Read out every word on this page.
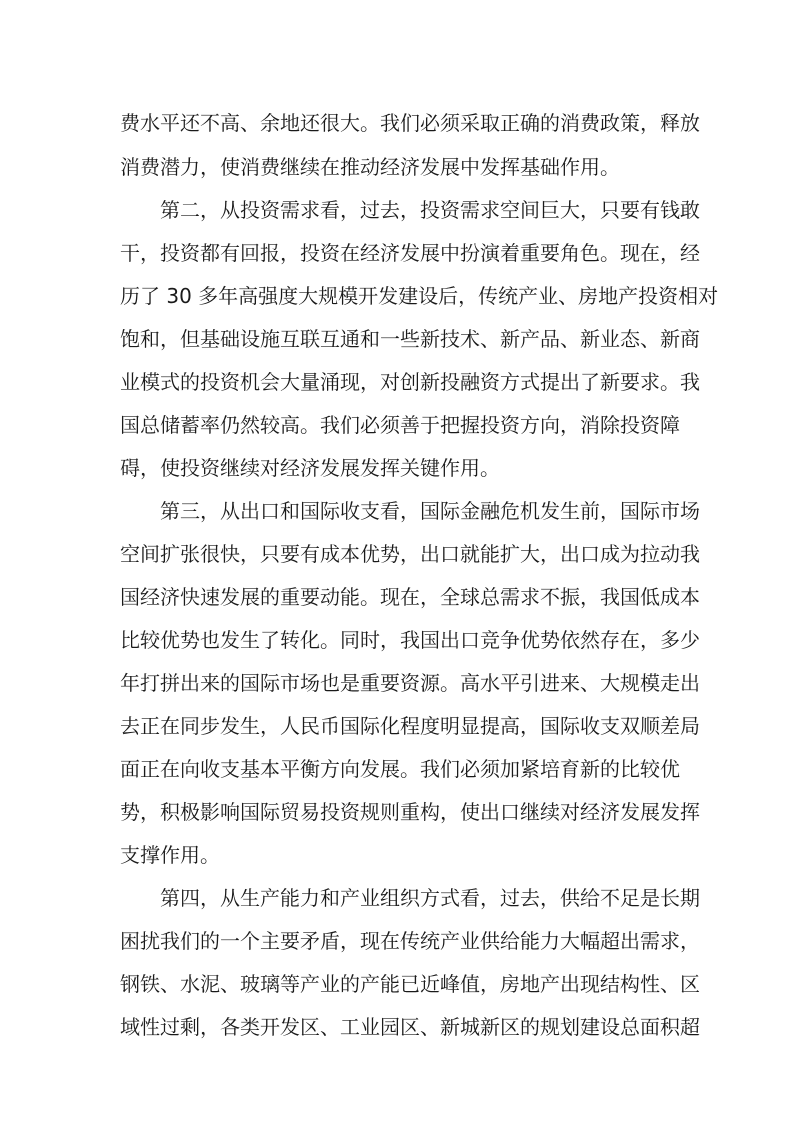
费水平还不高、余地还很大。我们必须采取正确的消费政策，释放
消费潜力，使消费继续在推动经济发展中发挥基础作用。
第二，从投资需求看，过去，投资需求空间巨大，只要有钱敢
干，投资都有回报，投资在经济发展中扮演着重要角色。现在，经
历了 30 多年高强度大规模开发建设后，传统产业、房地产投资相对
饱和，但基础设施互联互通和一些新技术、新产品、新业态、新商
业模式的投资机会大量涌现，对创新投融资方式提出了新要求。我
国总储蓄率仍然较高。我们必须善于把握投资方向，消除投资障
碍，使投资继续对经济发展发挥关键作用。
第三，从出口和国际收支看，国际金融危机发生前，国际市场
空间扩张很快，只要有成本优势，出口就能扩大，出口成为拉动我
国经济快速发展的重要动能。现在，全球总需求不振，我国低成本
比较优势也发生了转化。同时，我国出口竞争优势依然存在，多少
年打拼出来的国际市场也是重要资源。高水平引进来、大规模走出
去正在同步发生，人民币国际化程度明显提高，国际收支双顺差局
面正在向收支基本平衡方向发展。我们必须加紧培育新的比较优
势，积极影响国际贸易投资规则重构，使出口继续对经济发展发挥
支撑作用。
第四，从生产能力和产业组织方式看，过去，供给不足是长期
困扰我们的一个主要矛盾，现在传统产业供给能力大幅超出需求，
钢铁、水泥、玻璃等产业的产能已近峰值，房地产出现结构性、区
域性过剩，各类开发区、工业园区、新城新区的规划建设总面积超
